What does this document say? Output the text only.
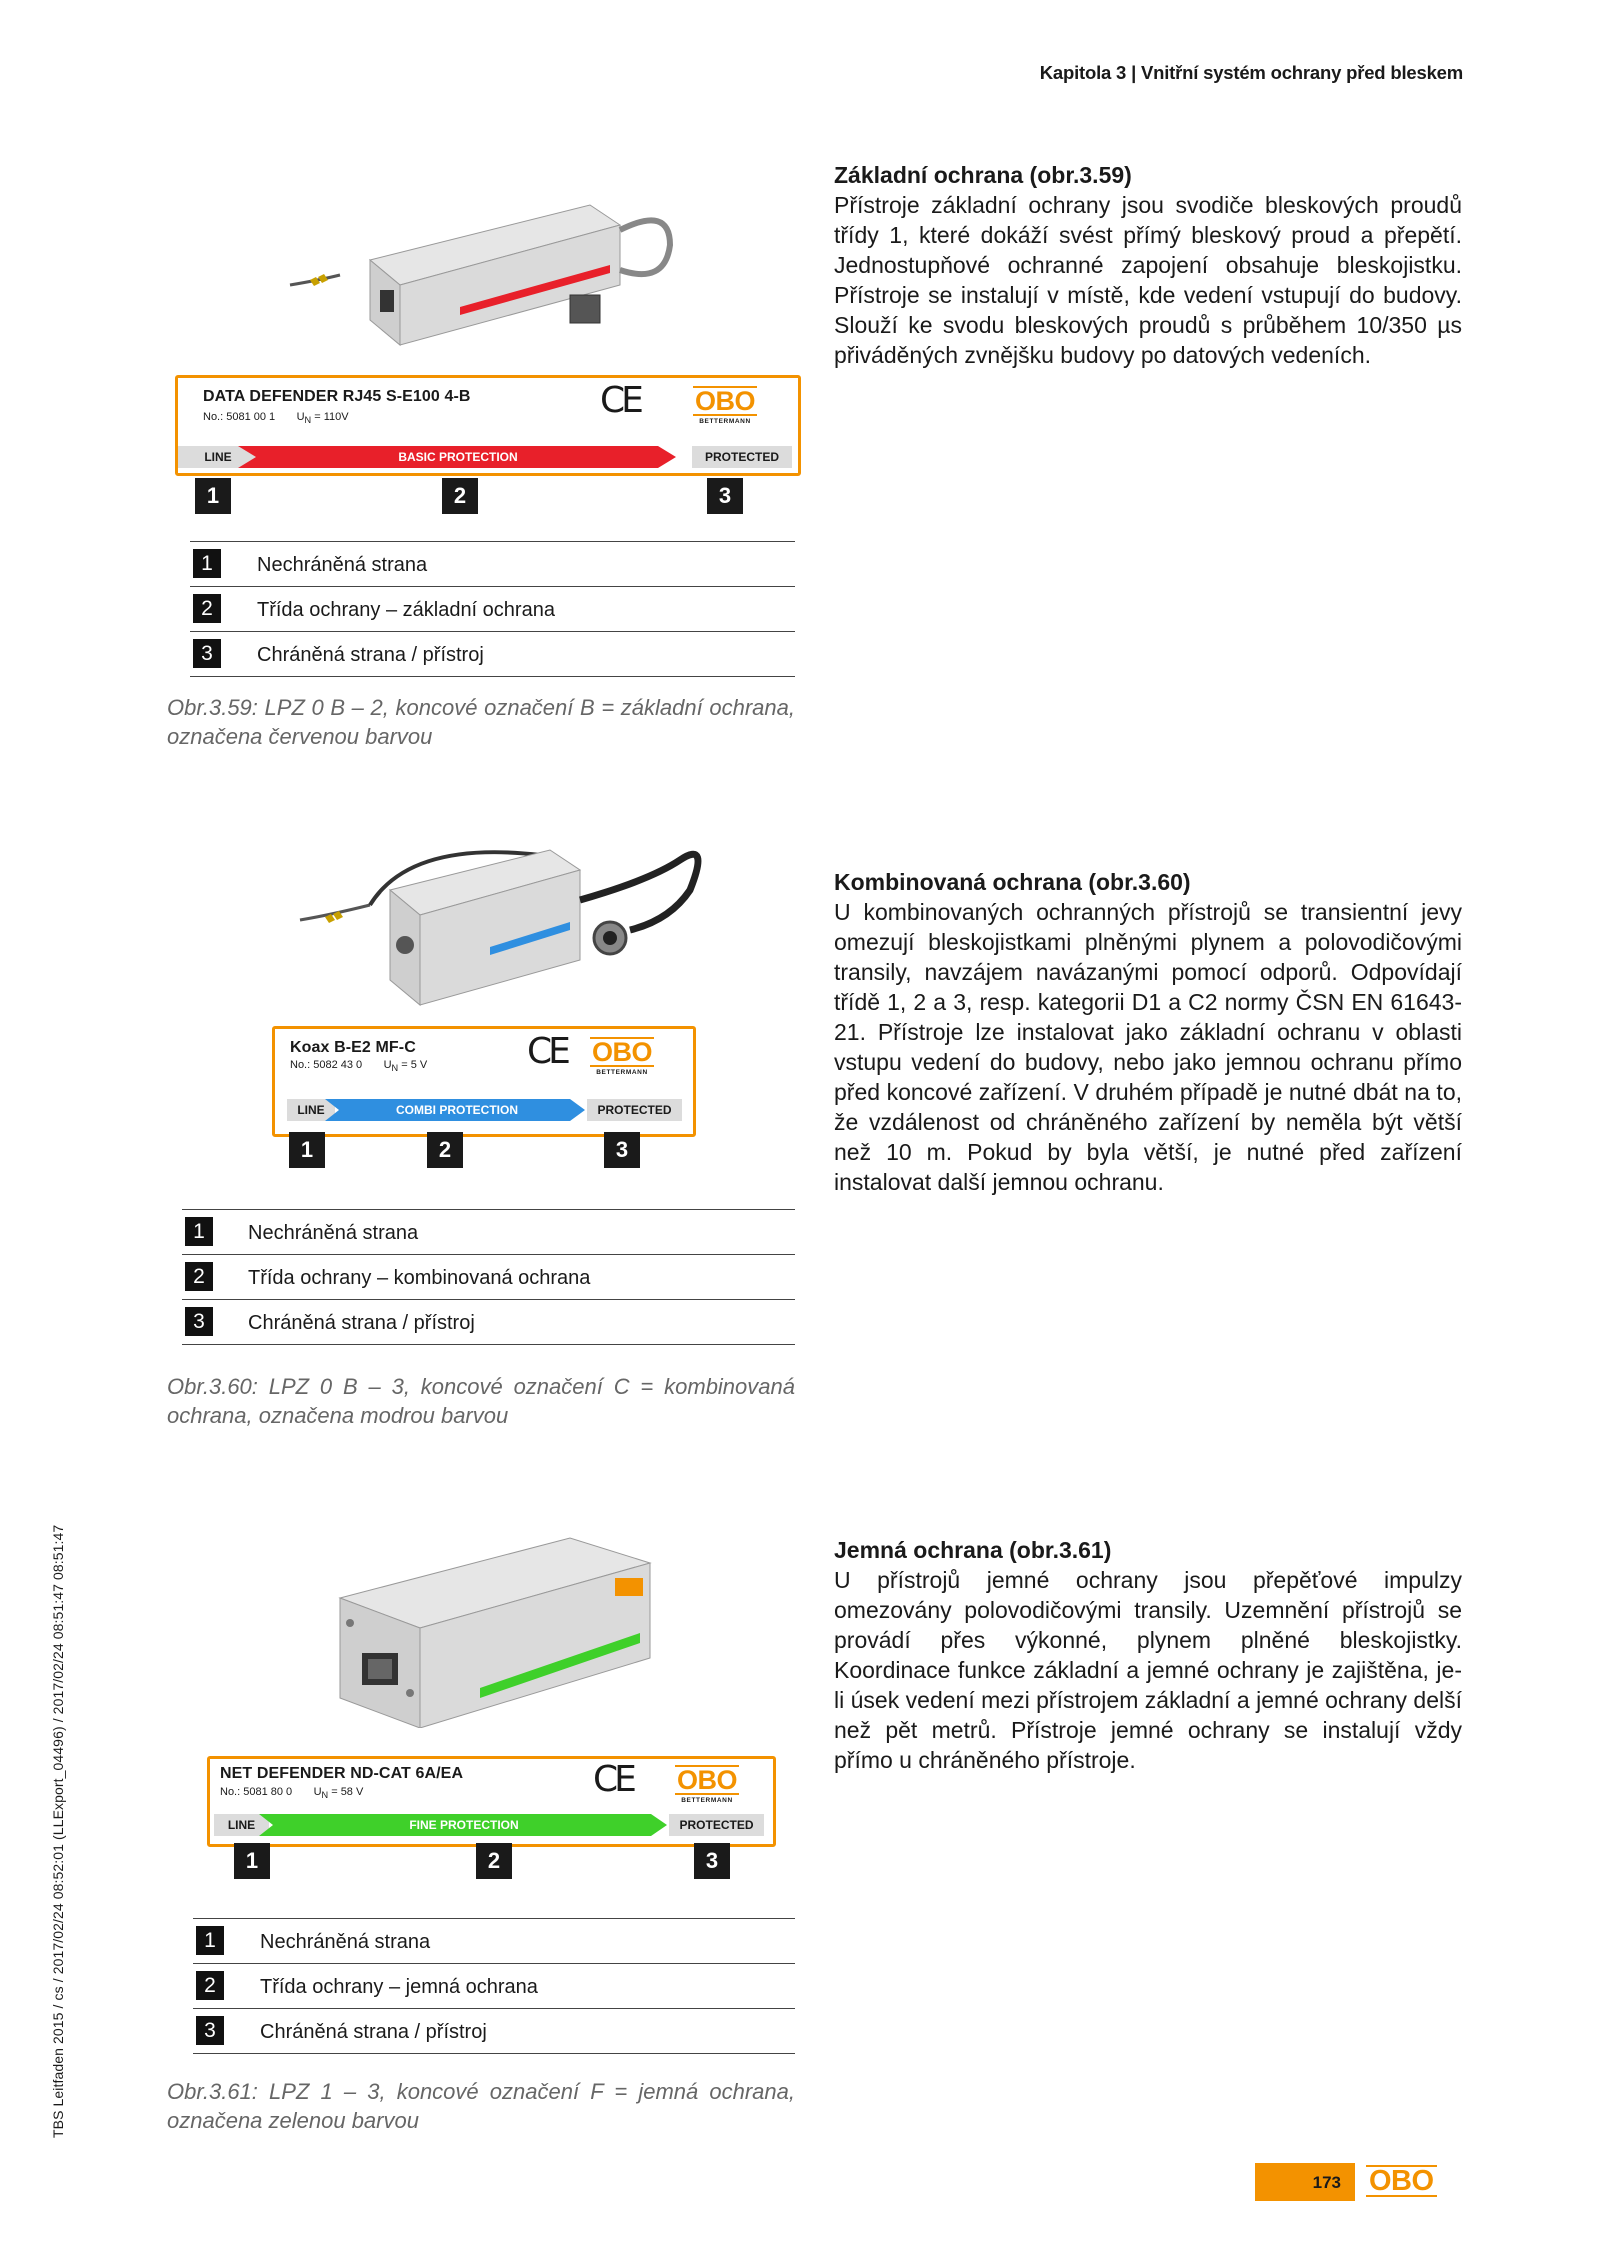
Kapitola 3 | Vnitřní systém ochrany před bleskem
TBS Leitfaden 2015 / cs / 2017/02/24 08:52:01 (LLExport_04496) / 2017/02/24 08:51:47 08:51:47
DATA DEFENDER RJ45 S-E100 4-B
No.: 5081 00 1 $U_N = 110V$	CE OBO
BETTERMANN
LINE	BASIC PROTECTION	PROTECTED
1	2	3
1	Nechráněná strana
2	Třída ochrany – základní ochrana
3	Chráněná strana / přístroj
Obr.3.59: LPZ 0 B – 2, koncové označení B = základní ochrana, označena červenou barvou
Koax B-E2 MF-C
No.: 5082 43 0 $U_N = 5$ V	CE OBO
BETTERMANN
LINE	COMBI PROTECTION	PROTECTED
1	2	3
1	Nechráněná strana
2	Třída ochrany – kombinovaná ochrana
3	Chráněná strana / přístroj
Obr.3.60: LPZ 0 B – 3, koncové označení C = kombinovaná ochrana, označena modrou barvou
NET DEFENDER ND-CAT 6A/EA
No.: 5081 80 0 $U_N = 58$ V	CE OBO
BETTERMANN
LINE	FINE PROTECTION	PROTECTED
1	2	3
1	Nechráněná strana
2	Třída ochrany – jemná ochrana
3	Chráněná strana / přístroj
Obr.3.61: LPZ 1 – 3, koncové označení F = jemná ochrana, označena zelenou barvou
Základní ochrana (obr.3.59)
Přístroje základní ochrany jsou svodiče bleskových proudů třídy 1, které dokáží svést přímý bleskový proud a přepětí. Jednostupňové ochranné zapojení obsahuje bleskojistku. Přístroje se instalují v místě, kde vedení vstupují do budovy. Slouží ke svodu bleskových proudů s průběhem 10/350 µs přiváděných zvnějšku budovy po datových vedeních.
Kombinovaná ochrana (obr.3.60)
U kombinovaných ochranných přístrojů se transientní jevy omezují bleskojistkami plněnými plynem a polovodičovými transily, navzájem navázanými pomocí odporů. Odpovídají třídě 1, 2 a 3, resp. kategorii D1 a C2 normy ČSN EN 61643-21. Přístroje lze instalovat jako základní ochranu v oblasti vstupu vedení do budovy, nebo jako jemnou ochranu přímo před koncové zařízení. V druhém případě je nutné dbát na to, že vzdálenost od chráněného zařízení by neměla být větší než 10 m. Pokud by byla větší, je nutné před zařízení instalovat další jemnou ochranu.
Jemná ochrana (obr.3.61)
U přístrojů jemné ochrany jsou přepěťové impulzy omezovány polovodičovými transily. Uzemnění přístrojů se provádí přes výkonné, plynem plněné bleskojistky. Koordinace funkce základní a jemné ochrany je zajištěna, je-li úsek vedení mezi přístrojem základní a jemné ochrany delší než pět metrů. Přístroje jemné ochrany se instalují vždy přímo u chráněného přístroje.
173 OBO
